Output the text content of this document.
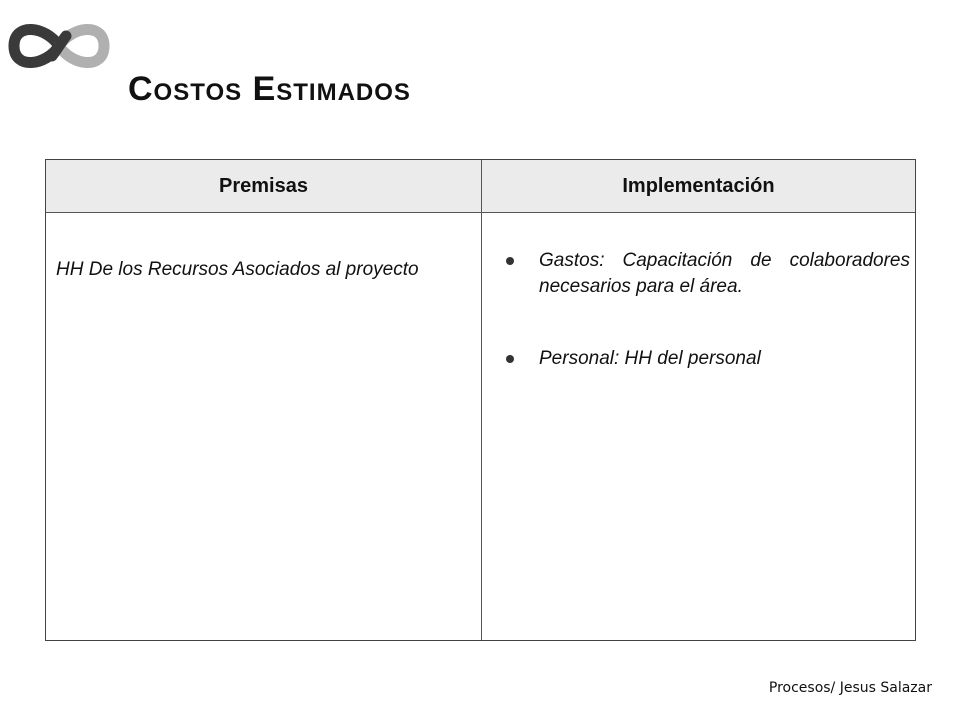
Costos Estimados
Premisas	Implementación
HH De los Recursos Asociados al proyecto	Gastos: Capacitación de colaboradores necesarios para el área.
Personal: HH del personal
Procesos/ Jesus Salazar
